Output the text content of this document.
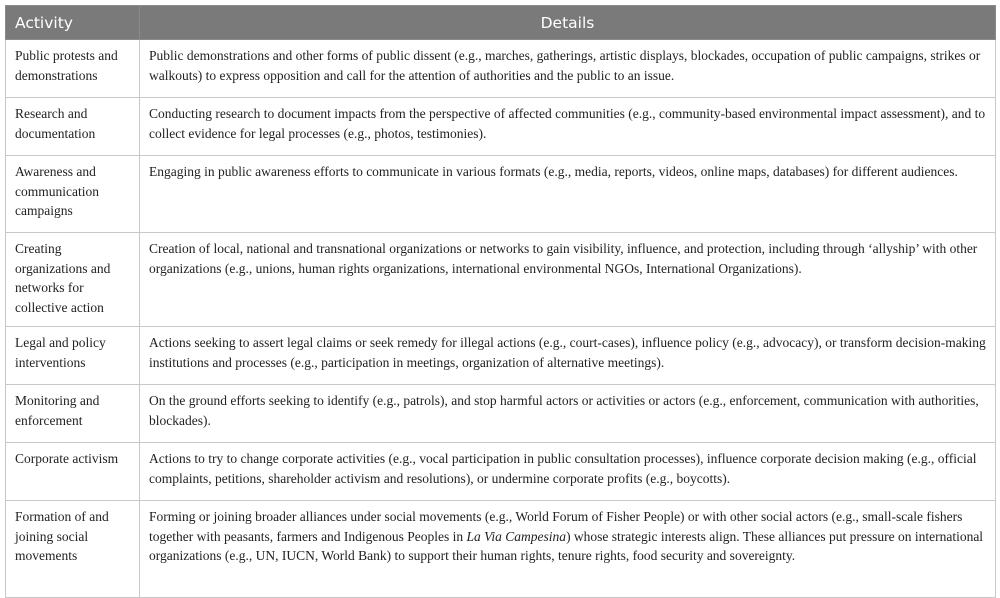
Activity	Details
Public protests and demonstrations	Public demonstrations and other forms of public dissent (e.g., marches, gatherings, artistic displays, blockades, occupation of public campaigns, strikes or walkouts) to express opposition and call for the attention of authorities and the public to an issue.
Research and documentation	Conducting research to document impacts from the perspective of affected communities (e.g., community-based environmental impact assessment), and to collect evidence for legal processes (e.g., photos, testimonies).
Awareness and communication campaigns	Engaging in public awareness efforts to communicate in various formats (e.g., media, reports, videos, online maps, databases) for different audiences.
Creating organizations and networks for collective action	Creation of local, national and transnational organizations or networks to gain visibility, influence, and protection, including through ‘allyship’ with other organizations (e.g., unions, human rights organizations, international environmental NGOs, International Organizations).
Legal and policy interventions	Actions seeking to assert legal claims or seek remedy for illegal actions (e.g., court-cases), influence policy (e.g., advocacy), or transform decision-making institutions and processes (e.g., participation in meetings, organization of alternative meetings).
Monitoring and enforcement	On the ground efforts seeking to identify (e.g., patrols), and stop harmful actors or activities or actors (e.g., enforcement, communication with authorities, blockades).
Corporate activism	Actions to try to change corporate activities (e.g., vocal participation in public consultation processes), influence corporate decision making (e.g., official complaints, petitions, shareholder activism and resolutions), or undermine corporate profits (e.g., boycotts).
Formation of and joining social movements	Forming or joining broader alliances under social movements (e.g., World Forum of Fisher People) or with other social actors (e.g., small-scale fishers together with peasants, farmers and Indigenous Peoples in La Via Campesina) whose strategic interests align. These alliances put pressure on international organizations (e.g., UN, IUCN, World Bank) to support their human rights, tenure rights, food security and sovereignty.
